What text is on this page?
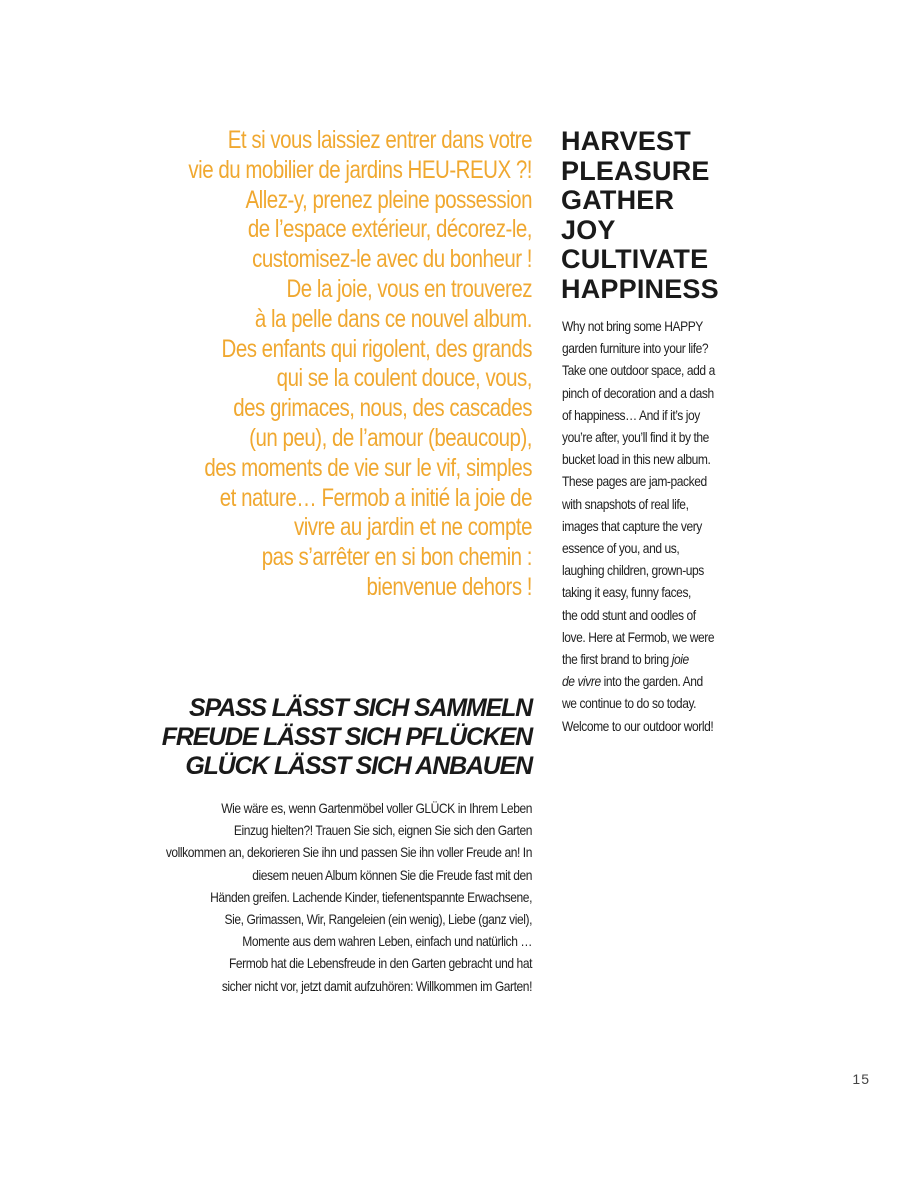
Et si vous laissiez entrer dans votre
vie du mobilier de jardins HEU-REUX ?!
Allez-y, prenez pleine possession
de l’espace extérieur, décorez-le,
customisez-le avec du bonheur !
De la joie, vous en trouverez
à la pelle dans ce nouvel album.
Des enfants qui rigolent, des grands
qui se la coulent douce, vous,
des grimaces, nous, des cascades
(un peu), de l’amour (beaucoup),
des moments de vie sur le vif, simples
et nature… Fermob a initié la joie de
vivre au jardin et ne compte
pas s’arrêter en si bon chemin :
bienvenue dehors !
SPASS LÄSST SICH SAMMELN
FREUDE LÄSST SICH PFLÜCKEN
GLÜCK LÄSST SICH ANBAUEN
Wie wäre es, wenn Gartenmöbel voller GLÜCK in Ihrem Leben
Einzug hielten?! Trauen Sie sich, eignen Sie sich den Garten
vollkommen an, dekorieren Sie ihn und passen Sie ihn voller Freude an! In
diesem neuen Album können Sie die Freude fast mit den
Händen greifen. Lachende Kinder, tiefenentspannte Erwachsene,
Sie, Grimassen, Wir, Rangeleien (ein wenig), Liebe (ganz viel),
Momente aus dem wahren Leben, einfach und natürlich …
Fermob hat die Lebensfreude in den Garten gebracht und hat
sicher nicht vor, jetzt damit aufzuhören: Willkommen im Garten!
HARVEST
PLEASURE
GATHER
JOY
CULTIVATE
HAPPINESS
Why not bring some HAPPY
garden furniture into your life?
Take one outdoor space, add a
pinch of decoration and a dash
of happiness… And if it’s joy
you’re after, you’ll find it by the
bucket load in this new album.
These pages are jam-packed
with snapshots of real life,
images that capture the very
essence of you, and us,
laughing children, grown-ups
taking it easy, funny faces,
the odd stunt and oodles of
love. Here at Fermob, we were
the first brand to bring joie
de vivre into the garden. And
we continue to do so today.
Welcome to our outdoor world!
15
